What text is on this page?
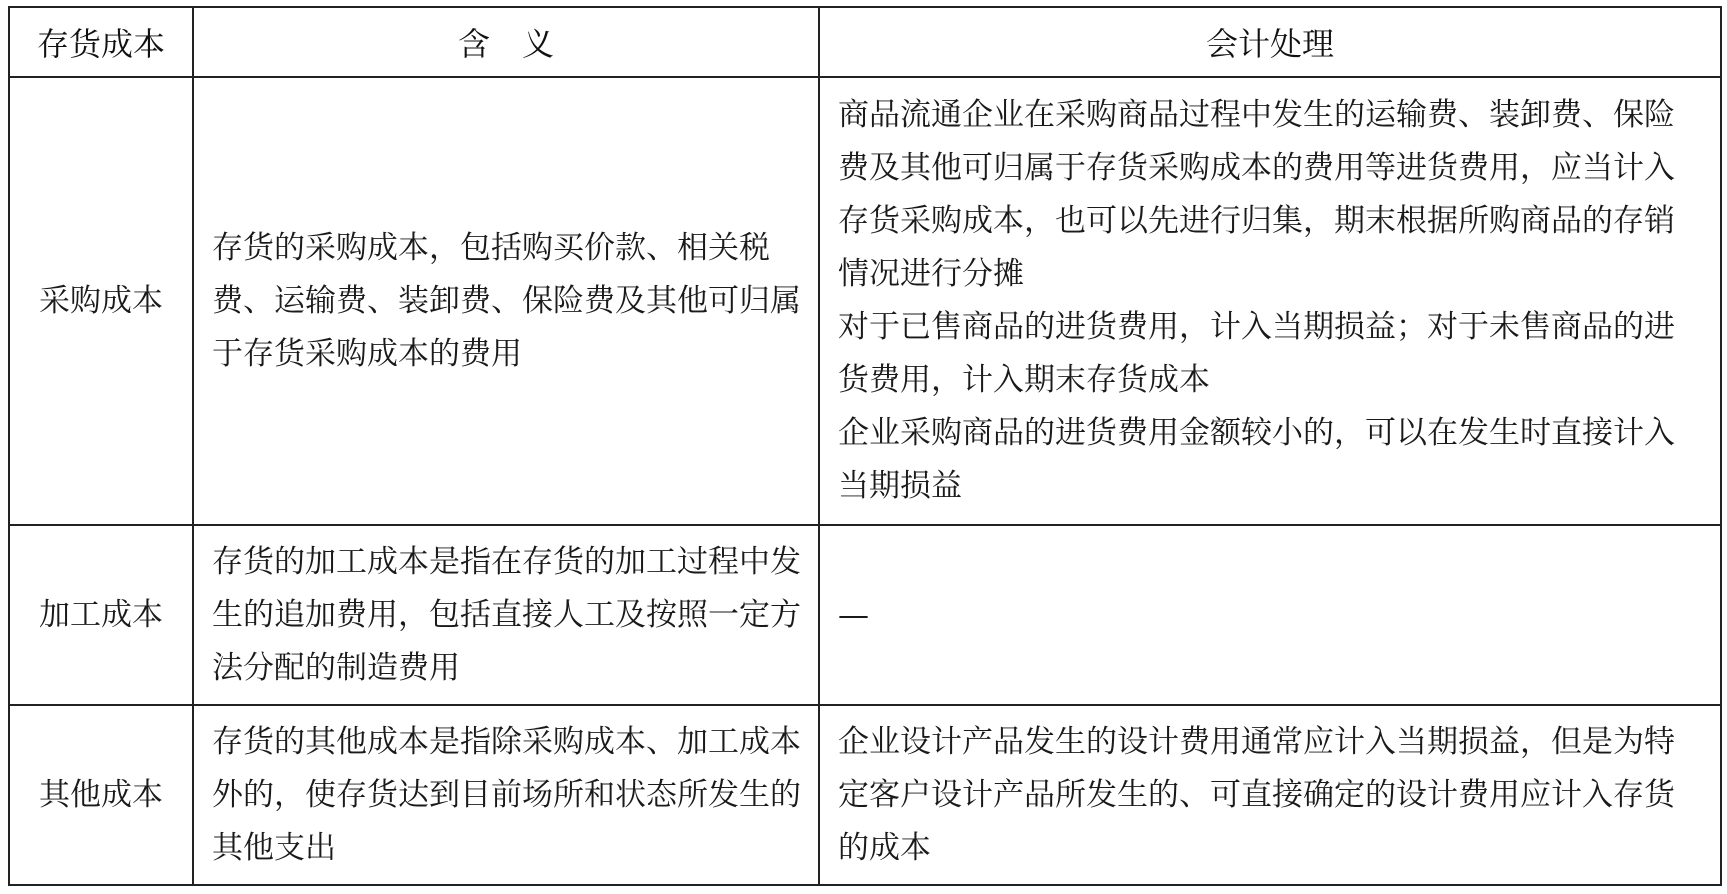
存货成本	含　义	会计处理
采购成本	存货的采购成本，包括购买价款、相关税费、运输费、装卸费、保险费及其他可归属于存货采购成本的费用	商品流通企业在采购商品过程中发生的运输费、装卸费、保险费及其他可归属于存货采购成本的费用等进货费用，应当计入存货采购成本，也可以先进行归集，期末根据所购商品的存销情况进行分摊
对于已售商品的进货费用，计入当期损益；对于未售商品的进货费用，计入期末存货成本
企业采购商品的进货费用金额较小的，可以在发生时直接计入当期损益

加工成本	存货的加工成本是指在存货的加工过程中发生的追加费用，包括直接人工及按照一定方法分配的制造费用	—

其他成本	存货的其他成本是指除采购成本、加工成本外的，使存货达到目前场所和状态所发生的其他支出	企业设计产品发生的设计费用通常应计入当期损益，但是为特定客户设计产品所发生的、可直接确定的设计费用应计入存货的成本
